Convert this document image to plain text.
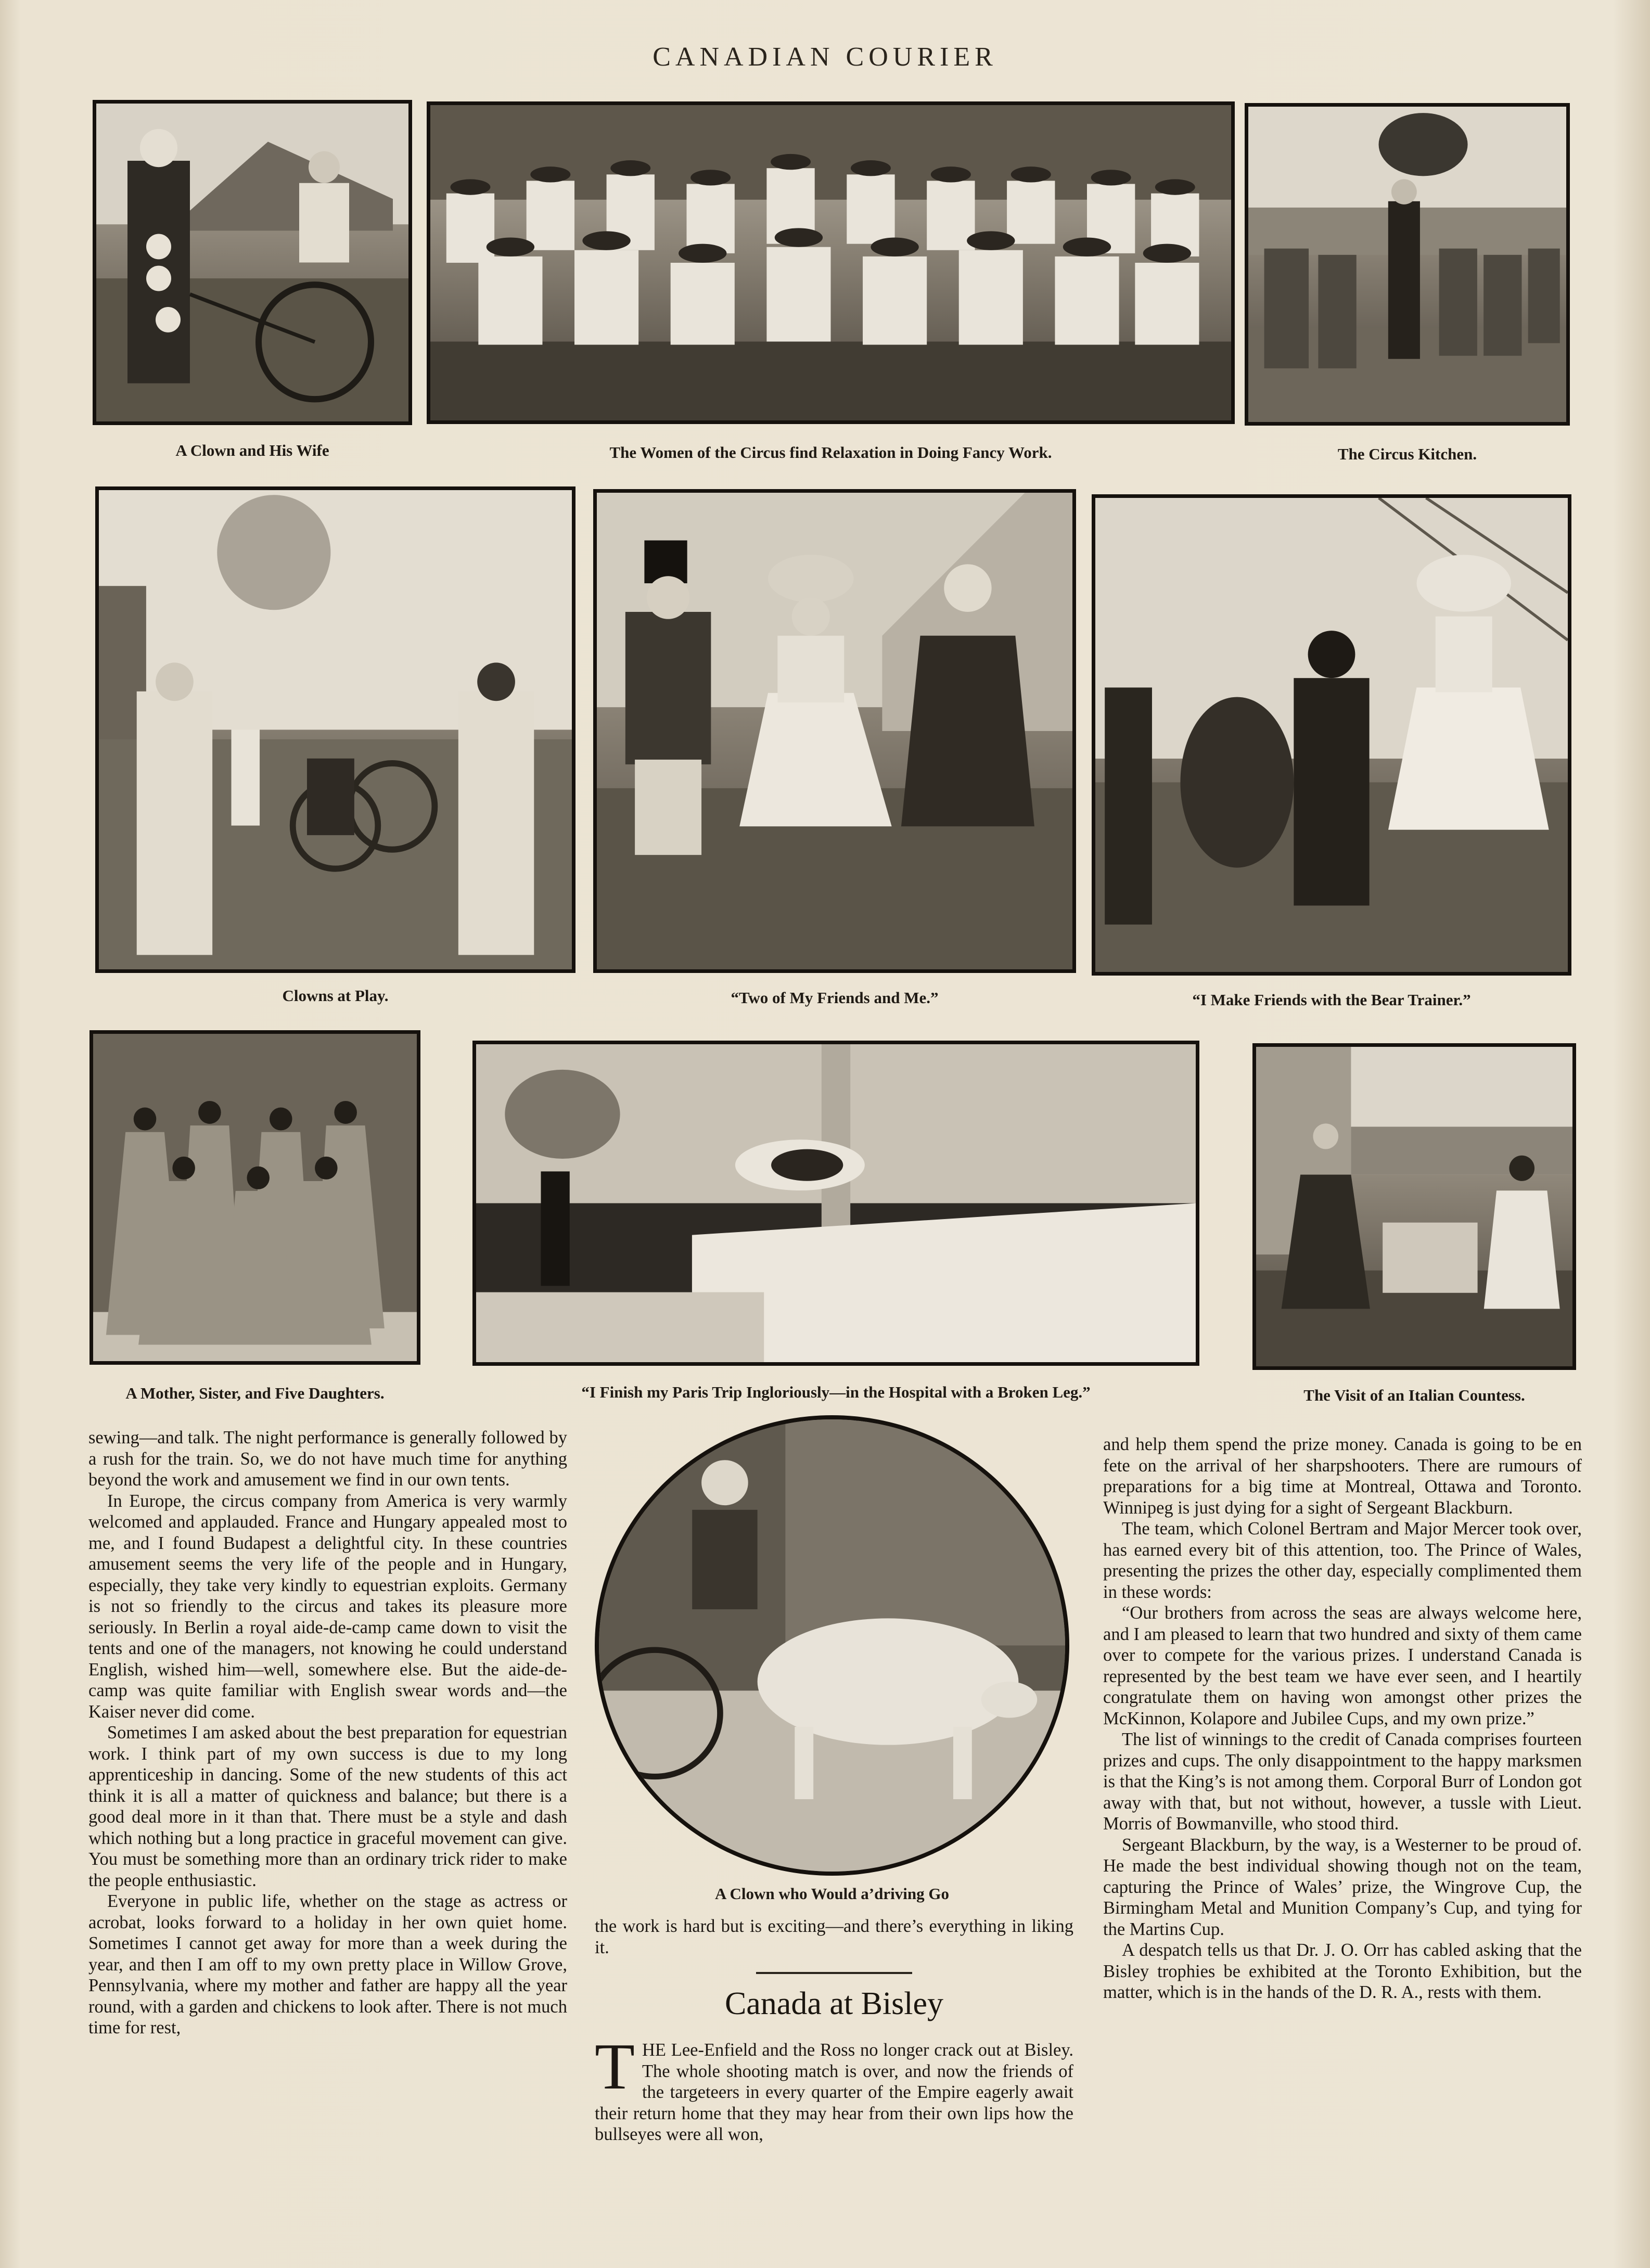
CANADIAN COURIER
A Clown and His Wife	The Women of the Circus find Relaxation in Doing Fancy Work.	The Circus Kitchen.
Clowns at Play.	“Two of My Friends and Me.”	“I Make Friends with the Bear Trainer.”
A Mother, Sister, and Five Daughters.	“I Finish my Paris Trip Ingloriously—in the Hospital with a Broken Leg.”	The Visit of an Italian Countess.

sewing—and talk. The night performance is generally followed by a rush for the train. So, we do not have much time for anything beyond the work and amusement we find in our own tents.

In Europe, the circus company from America is very warmly welcomed and applauded. France and Hungary appealed most to me, and I found Budapest a delightful city. In these countries amusement seems the very life of the people and in Hungary, especially, they take very kindly to equestrian exploits. Germany is not so friendly to the circus and takes its pleasure more seriously. In Berlin a royal aide-de-camp came down to visit the tents and one of the managers, not knowing he could understand English, wished him—well, somewhere else. But the aide-de-camp was quite familiar with English swear words and—the Kaiser never did come.

Sometimes I am asked about the best preparation for equestrian work. I think part of my own success is due to my long apprenticeship in dancing. Some of the new students of this act think it is all a matter of quickness and balance; but there is a good deal more in it than that. There must be a style and dash which nothing but a long practice in graceful movement can give. You must be something more than an ordinary trick rider to make the people enthusiastic.

Everyone in public life, whether on the stage as actress or acrobat, looks forward to a holiday in her own quiet home. Sometimes I cannot get away for more than a week during the year, and then I am off to my own pretty place in Willow Grove, Pennsylvania, where my mother and father are happy all the year round, with a garden and chickens to look after. There is not much time for rest,

A Clown who Would a’driving Go

the work is hard but is exciting—and there’s everything in liking it.

Canada at Bisley
T HE Lee-Enfield and the Ross no longer crack out at Bisley. The whole shooting match is over, and now the friends of the targeteers in every quarter of the Empire eagerly await their return home that they may hear from their own lips how the bullseyes were all won,

and help them spend the prize money. Canada is going to be en fete on the arrival of her sharpshooters. There are rumours of preparations for a big time at Montreal, Ottawa and Toronto. Winnipeg is just dying for a sight of Sergeant Blackburn.

The team, which Colonel Bertram and Major Mercer took over, has earned every bit of this attention, too. The Prince of Wales, presenting the prizes the other day, especially complimented them in these words:

“Our brothers from across the seas are always welcome here, and I am pleased to learn that two hundred and sixty of them came over to compete for the various prizes. I understand Canada is represented by the best team we have ever seen, and I heartily congratulate them on having won amongst other prizes the McKinnon, Kolapore and Jubilee Cups, and my own prize.”

The list of winnings to the credit of Canada comprises fourteen prizes and cups. The only disappointment to the happy marksmen is that the King’s is not among them. Corporal Burr of London got away with that, but not without, however, a tussle with Lieut. Morris of Bowmanville, who stood third.

Sergeant Blackburn, by the way, is a Westerner to be proud of. He made the best individual showing though not on the team, capturing the Prince of Wales’ prize, the Wingrove Cup, the Birmingham Metal and Munition Company’s Cup, and tying for the Martins Cup.

A despatch tells us that Dr. J. O. Orr has cabled asking that the Bisley trophies be exhibited at the Toronto Exhibition, but the matter, which is in the hands of the D. R. A., rests with them.
